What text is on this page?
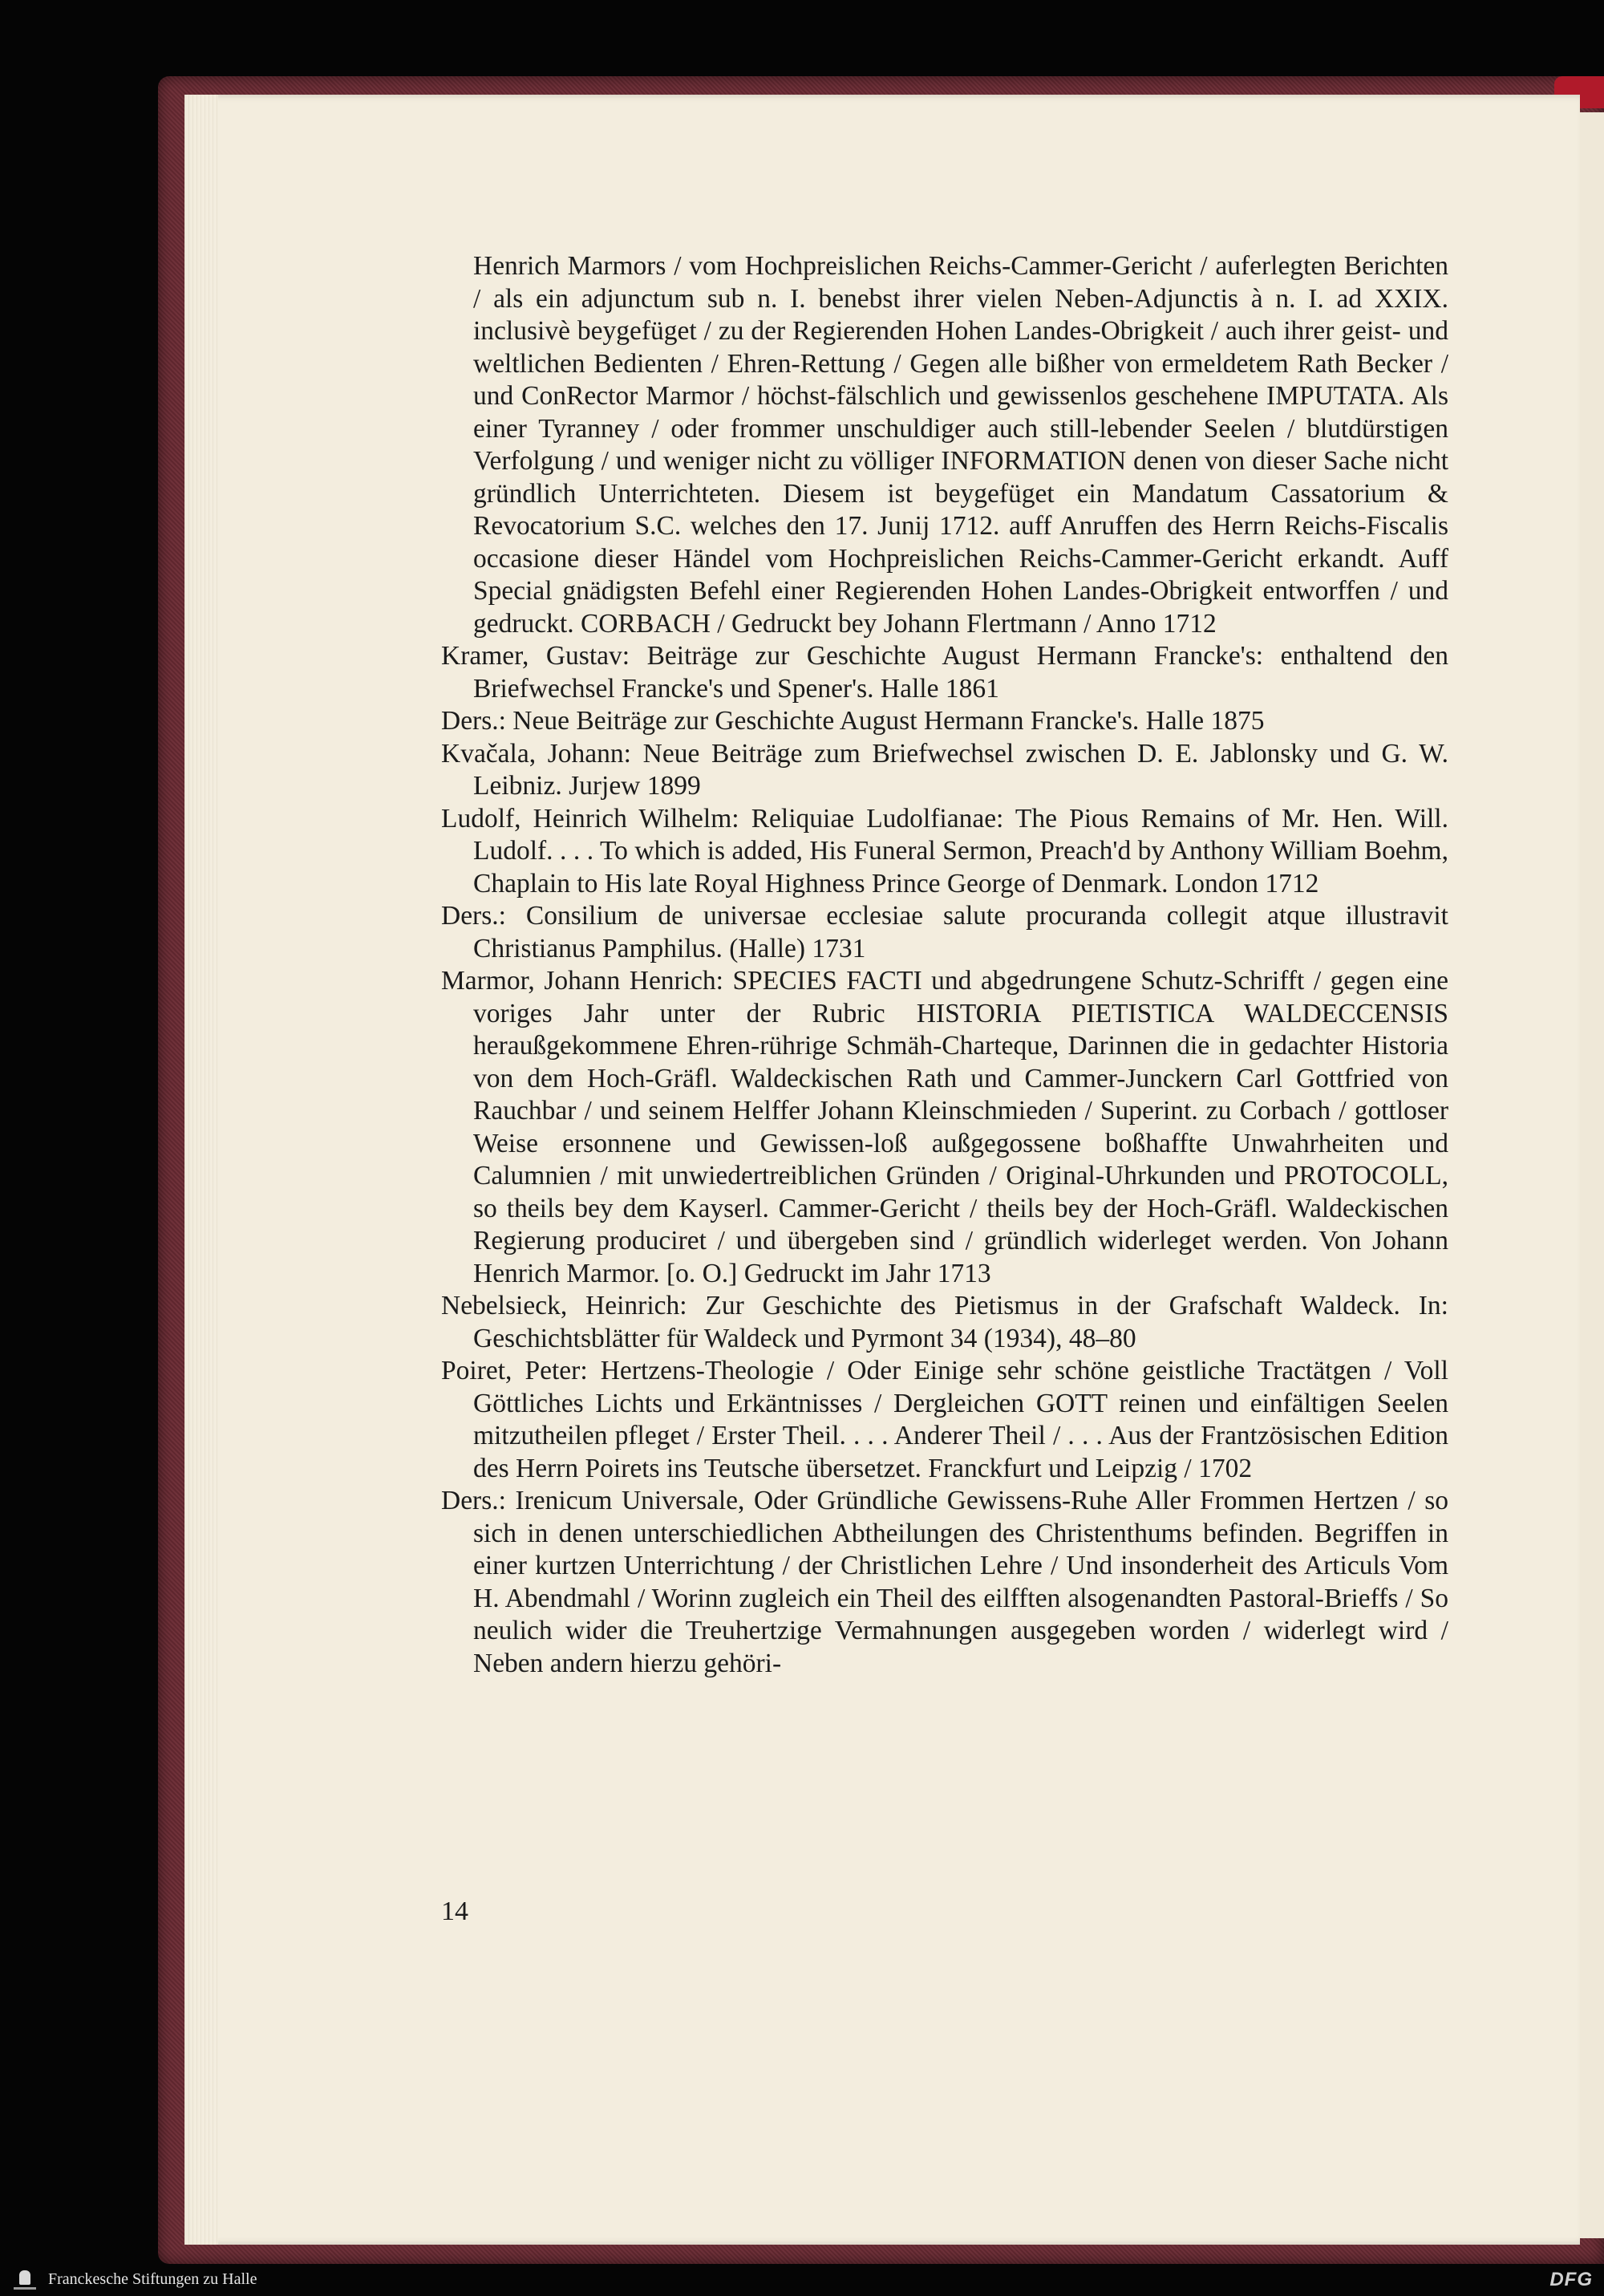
Henrich Marmors / vom Hochpreislichen Reichs-Cammer-Gericht / auferlegten Berichten / als ein adjunctum sub n. I. benebst ihrer vielen Neben-Adjunctis à n. I. ad XXIX. inclusivè beygefüget / zu der Regierenden Hohen Landes-Obrigkeit / auch ihrer geist- und weltlichen Bedienten / Ehren-Rettung / Gegen alle bißher von ermeldetem Rath Becker / und ConRector Marmor / höchst-fälschlich und gewissenlos geschehene IMPUTATA. Als einer Tyranney / oder frommer unschuldiger auch still-lebender Seelen / blutdürstigen Verfolgung / und weniger nicht zu völliger INFORMATION denen von dieser Sache nicht gründlich Unterrichteten. Diesem ist beygefüget ein Mandatum Cassatorium & Revocatorium S.C. welches den 17. Junij 1712. auff Anruffen des Herrn Reichs-Fiscalis occasione dieser Händel vom Hochpreislichen Reichs-Cammer-Gericht erkandt. Auff Special gnädigsten Befehl einer Regierenden Hohen Landes-Obrigkeit entworffen / und gedruckt. CORBACH / Gedruckt bey Johann Flertmann / Anno 1712

Kramer, Gustav: Beiträge zur Geschichte August Hermann Francke's: enthaltend den Briefwechsel Francke's und Spener's. Halle 1861

Ders.: Neue Beiträge zur Geschichte August Hermann Francke's. Halle 1875

Kvačala, Johann: Neue Beiträge zum Briefwechsel zwischen D. E. Jablonsky und G. W. Leibniz. Jurjew 1899

Ludolf, Heinrich Wilhelm: Reliquiae Ludolfianae: The Pious Remains of Mr. Hen. Will. Ludolf. . . . To which is added, His Funeral Sermon, Preach'd by Anthony William Boehm, Chaplain to His late Royal Highness Prince George of Denmark. London 1712

Ders.: Consilium de universae ecclesiae salute procuranda collegit atque illustravit Christianus Pamphilus. (Halle) 1731

Marmor, Johann Henrich: SPECIES FACTI und abgedrungene Schutz-Schrifft / gegen eine voriges Jahr unter der Rubric HISTORIA PIETISTICA WALDECCENSIS heraußgekommene Ehren-rührige Schmäh-Charteque, Darinnen die in gedachter Historia von dem Hoch-Gräfl. Waldeckischen Rath und Cammer-Junckern Carl Gottfried von Rauchbar / und seinem Helffer Johann Kleinschmieden / Superint. zu Corbach / gottloser Weise ersonnene und Gewissen-loß außgegossene boßhaffte Unwahrheiten und Calumnien / mit unwiedertreiblichen Gründen / Original-Uhrkunden und PROTOCOLL, so theils bey dem Kayserl. Cammer-Gericht / theils bey der Hoch-Gräfl. Waldeckischen Regierung produciret / und übergeben sind / gründlich widerleget werden. Von Johann Henrich Marmor. [o. O.] Gedruckt im Jahr 1713

Nebelsieck, Heinrich: Zur Geschichte des Pietismus in der Grafschaft Waldeck. In: Geschichtsblätter für Waldeck und Pyrmont 34 (1934), 48–80

Poiret, Peter: Hertzens-Theologie / Oder Einige sehr schöne geistliche Tractätgen / Voll Göttliches Lichts und Erkäntnisses / Dergleichen GOTT reinen und einfältigen Seelen mitzutheilen pfleget / Erster Theil. . . . Anderer Theil / . . . Aus der Frantzösischen Edition des Herrn Poirets ins Teutsche übersetzet. Franckfurt und Leipzig / 1702

Ders.: Irenicum Universale, Oder Gründliche Gewissens-Ruhe Aller Frommen Hertzen / so sich in denen unterschiedlichen Abtheilungen des Christenthums befinden. Begriffen in einer kurtzen Unterrichtung / der Christlichen Lehre / Und insonderheit des Articuls Vom H. Abendmahl / Worinn zugleich ein Theil des eilfften alsogenandten Pastoral-Brieffs / So neulich wider die Treuhertzige Vermahnungen ausgegeben worden / widerlegt wird / Neben andern hierzu gehöri-

14
Franckesche Stiftungen zu Halle	DFG
